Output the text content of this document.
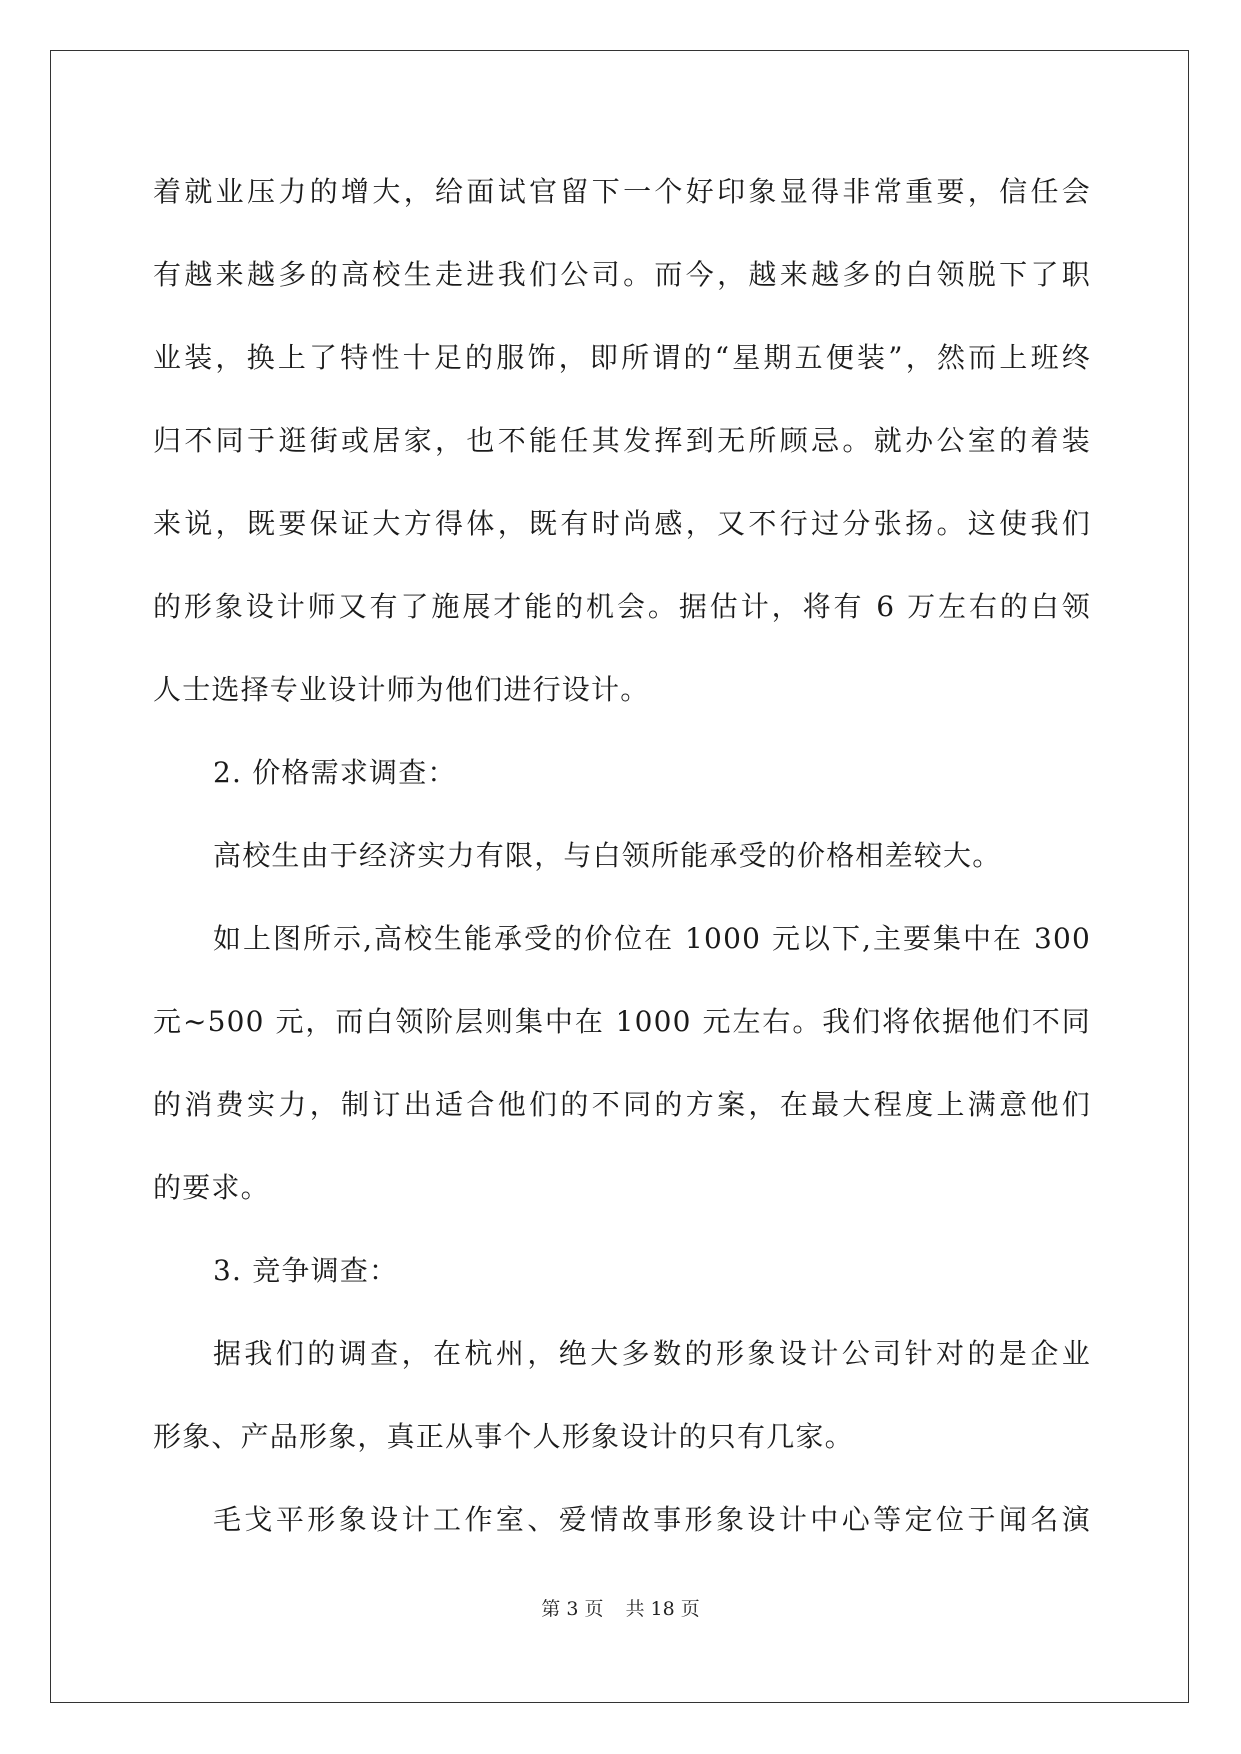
着就业压力的增大，给面试官留下一个好印象显得非常重要，信任会
有越来越多的高校生走进我们公司。而今，越来越多的白领脱下了职
业装，换上了特性十足的服饰，即所谓的“星期五便装”，然而上班终
归不同于逛街或居家，也不能任其发挥到无所顾忌。就办公室的着装
来说，既要保证大方得体，既有时尚感，又不行过分张扬。这使我们
的形象设计师又有了施展才能的机会。据估计，将有 6 万左右的白领
人士选择专业设计师为他们进行设计。
2. 价格需求调查：
高校生由于经济实力有限，与白领所能承受的价格相差较大。
如上图所示,高校生能承受的价位在 1000 元以下,主要集中在 300
元~500 元，而白领阶层则集中在 1000 元左右。我们将依据他们不同
的消费实力，制订出适合他们的不同的方案，在最大程度上满意他们
的要求。
3. 竞争调查：
据我们的调查，在杭州，绝大多数的形象设计公司针对的是企业
形象、产品形象，真正从事个人形象设计的只有几家。
毛戈平形象设计工作室、爱情故事形象设计中心等定位于闻名演
第 3 页 共 18 页
